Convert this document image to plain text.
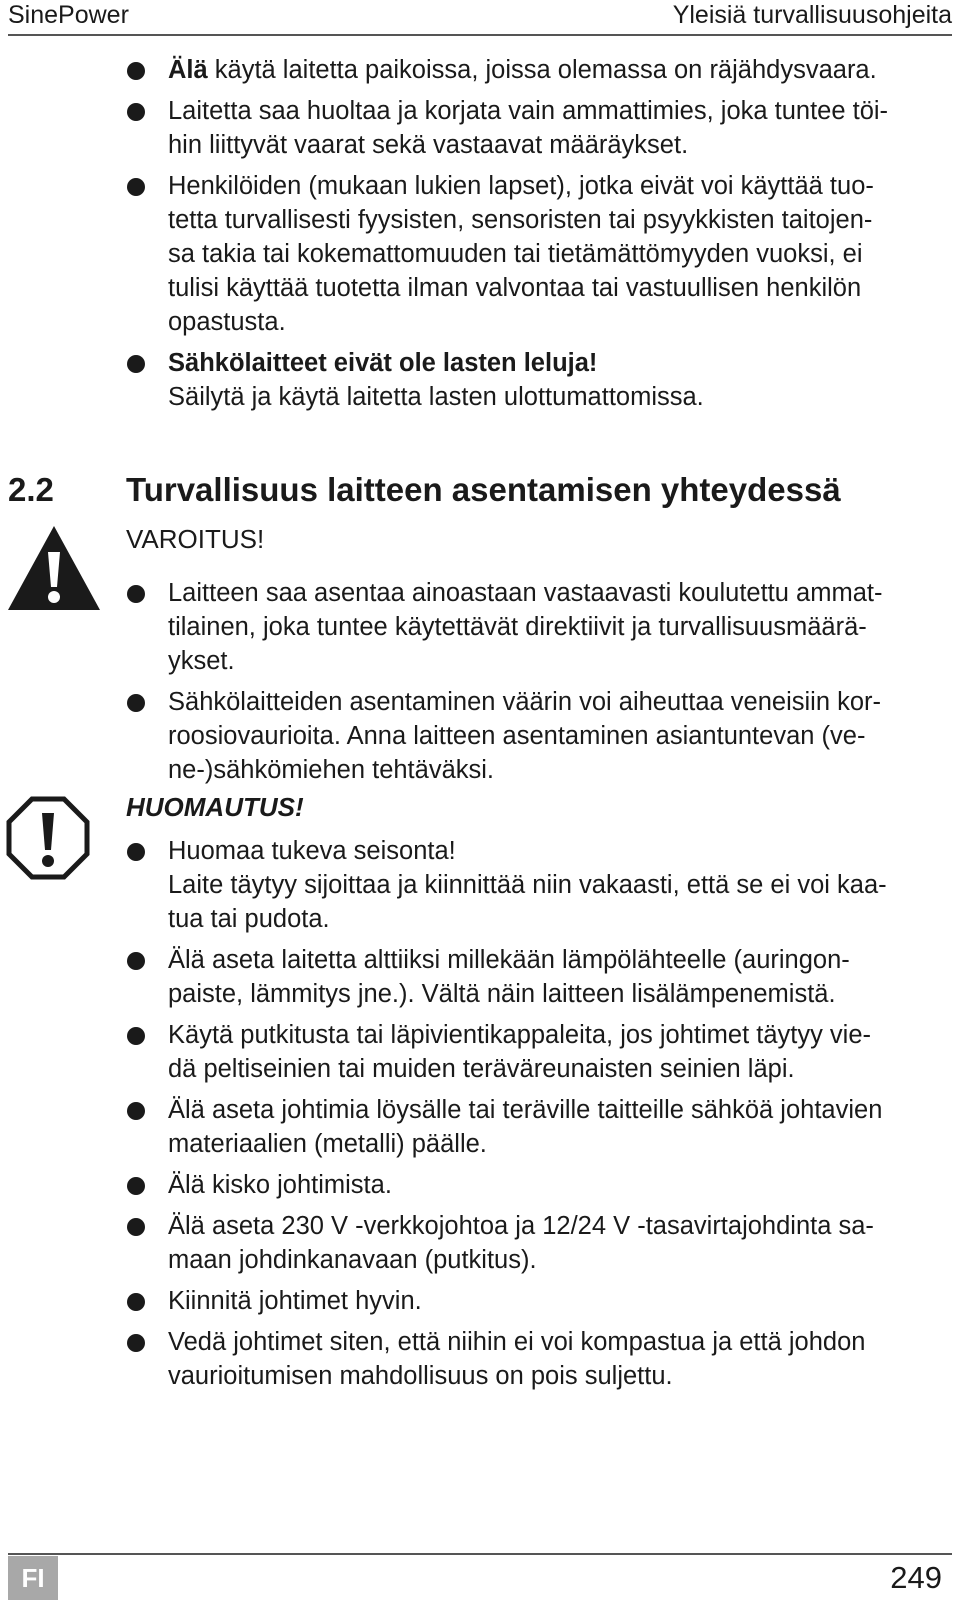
SinePower	Yleisiä turvallisuusohjeita
Älä käytä laitetta paikoissa, joissa olemassa on räjähdysvaara.
Laitetta saa huoltaa ja korjata vain ammattimies, joka tuntee töi-
hin liittyvät vaarat sekä vastaavat määräykset.
Henkilöiden (mukaan lukien lapset), jotka eivät voi käyttää tuo-
tetta turvallisesti fyysisten, sensoristen tai psyykkisten taitojen-
sa takia tai kokemattomuuden tai tietämättömyyden vuoksi, ei
tulisi käyttää tuotetta ilman valvontaa tai vastuullisen henkilön
opastusta.
Sähkölaitteet eivät ole lasten leluja!
Säilytä ja käytä laitetta lasten ulottumattomissa.
2.2 Turvallisuus laitteen asentamisen yhteydessä
VAROITUS!
Laitteen saa asentaa ainoastaan vastaavasti koulutettu ammat-
tilainen, joka tuntee käytettävät direktiivit ja turvallisuusmäärä-
ykset.
Sähkölaitteiden asentaminen väärin voi aiheuttaa veneisiin kor-
roosiovaurioita. Anna laitteen asentaminen asiantuntevan (ve-
ne-)sähkömiehen tehtäväksi.
HUOMAUTUS!
Huomaa tukeva seisonta!
Laite täytyy sijoittaa ja kiinnittää niin vakaasti, että se ei voi kaa-
tua tai pudota.
Älä aseta laitetta alttiiksi millekään lämpölähteelle (auringon-
paiste, lämmitys jne.). Vältä näin laitteen lisälämpenemistä.
Käytä putkitusta tai läpivientikappaleita, jos johtimet täytyy vie-
dä peltiseinien tai muiden teräväreunaisten seinien läpi.
Älä aseta johtimia löysälle tai teräville taitteille sähköä johtavien
materiaalien (metalli) päälle.
Älä kisko johtimista.
Älä aseta 230 V -verkkojohtoa ja 12/24 V -tasavirtajohdinta sa-
maan johdinkanavaan (putkitus).
Kiinnitä johtimet hyvin.
Vedä johtimet siten, että niihin ei voi kompastua ja että johdon
vaurioitumisen mahdollisuus on pois suljettu.
FI	249
